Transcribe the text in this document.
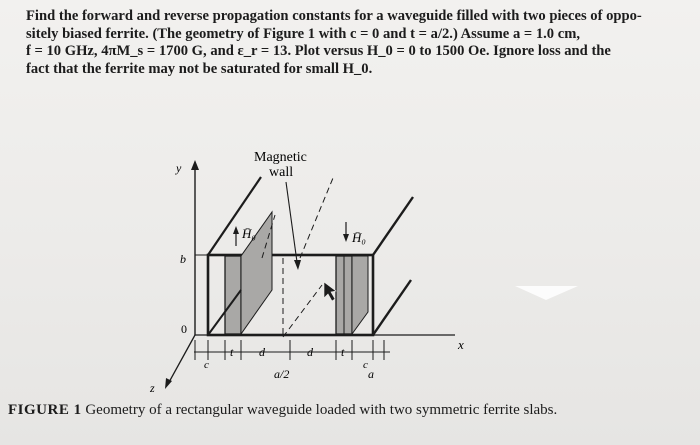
Find the forward and reverse propagation constants for a waveguide filled with two pieces of oppo-
sitely biased ferrite. (The geometry of Figure 1 with c = 0 and t = a/2.) Assume a = 1.0 cm,
f = 10 GHz, 4πM_s = 1700 G, and ε_r = 13. Plot versus H_0 = 0 to 1500 Oe. Ignore loss and the
fact that the ferrite may not be saturated for small H_0.
y
x
z
Magnetic
wall
H̄₀	H̄₀
b
0
t d	d t
c	c
a/2	a
FIGURE 1 Geometry of a rectangular waveguide loaded with two symmetric ferrite slabs.
